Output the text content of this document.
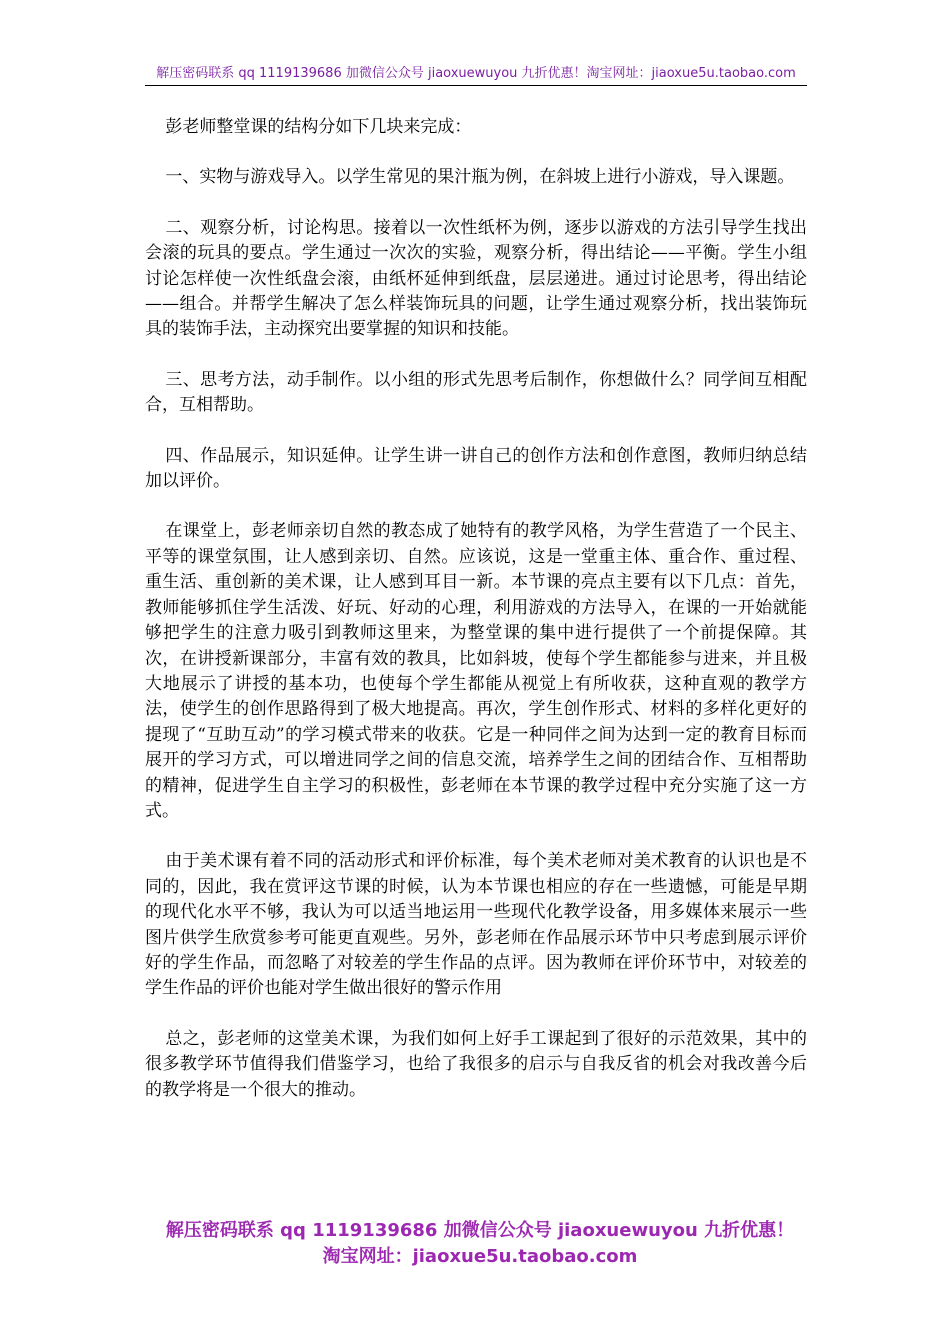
解压密码联系 qq 1119139686 加微信公众号 jiaoxuewuyou 九折优惠！淘宝网址：jiaoxue5u.taobao.com

彭老师整堂课的结构分如下几块来完成：

一、实物与游戏导入。以学生常见的果汁瓶为例，在斜坡上进行小游戏，导入课题。

二、观察分析，讨论构思。接着以一次性纸杯为例，逐步以游戏的方法引导学生找出会滚的玩具的要点。学生通过一次次的实验，观察分析，得出结论——平衡。学生小组讨论怎样使一次性纸盘会滚，由纸杯延伸到纸盘，层层递进。通过讨论思考，得出结论——组合。并帮学生解决了怎么样装饰玩具的问题，让学生通过观察分析，找出装饰玩具的装饰手法，主动探究出要掌握的知识和技能。

三、思考方法，动手制作。以小组的形式先思考后制作，你想做什么？同学间互相配合，互相帮助。

四、作品展示，知识延伸。让学生讲一讲自己的创作方法和创作意图，教师归纳总结加以评价。

在课堂上，彭老师亲切自然的教态成了她特有的教学风格，为学生营造了一个民主、平等的课堂氛围，让人感到亲切、自然。应该说，这是一堂重主体、重合作、重过程、重生活、重创新的美术课，让人感到耳目一新。本节课的亮点主要有以下几点：首先，教师能够抓住学生活泼、好玩、好动的心理，利用游戏的方法导入，在课的一开始就能够把学生的注意力吸引到教师这里来，为整堂课的集中进行提供了一个前提保障。其次，在讲授新课部分，丰富有效的教具，比如斜坡，使每个学生都能参与进来，并且极大地展示了讲授的基本功，也使每个学生都能从视觉上有所收获，这种直观的教学方法，使学生的创作思路得到了极大地提高。再次，学生创作形式、材料的多样化更好的提现了“互助互动”的学习模式带来的收获。它是一种同伴之间为达到一定的教育目标而展开的学习方式，可以增进同学之间的信息交流，培养学生之间的团结合作、互相帮助的精神，促进学生自主学习的积极性，彭老师在本节课的教学过程中充分实施了这一方式。

由于美术课有着不同的活动形式和评价标准，每个美术老师对美术教育的认识也是不同的，因此，我在赏评这节课的时候，认为本节课也相应的存在一些遗憾，可能是早期的现代化水平不够，我认为可以适当地运用一些现代化教学设备，用多媒体来展示一些图片供学生欣赏参考可能更直观些。另外，彭老师在作品展示环节中只考虑到展示评价好的学生作品，而忽略了对较差的学生作品的点评。因为教师在评价环节中，对较差的学生作品的评价也能对学生做出很好的警示作用

总之，彭老师的这堂美术课，为我们如何上好手工课起到了很好的示范效果，其中的很多教学环节值得我们借鉴学习，也给了我很多的启示与自我反省的机会对我改善今后的教学将是一个很大的推动。

解压密码联系 qq 1119139686 加微信公众号 jiaoxuewuyou 九折优惠！
淘宝网址：jiaoxue5u.taobao.com
